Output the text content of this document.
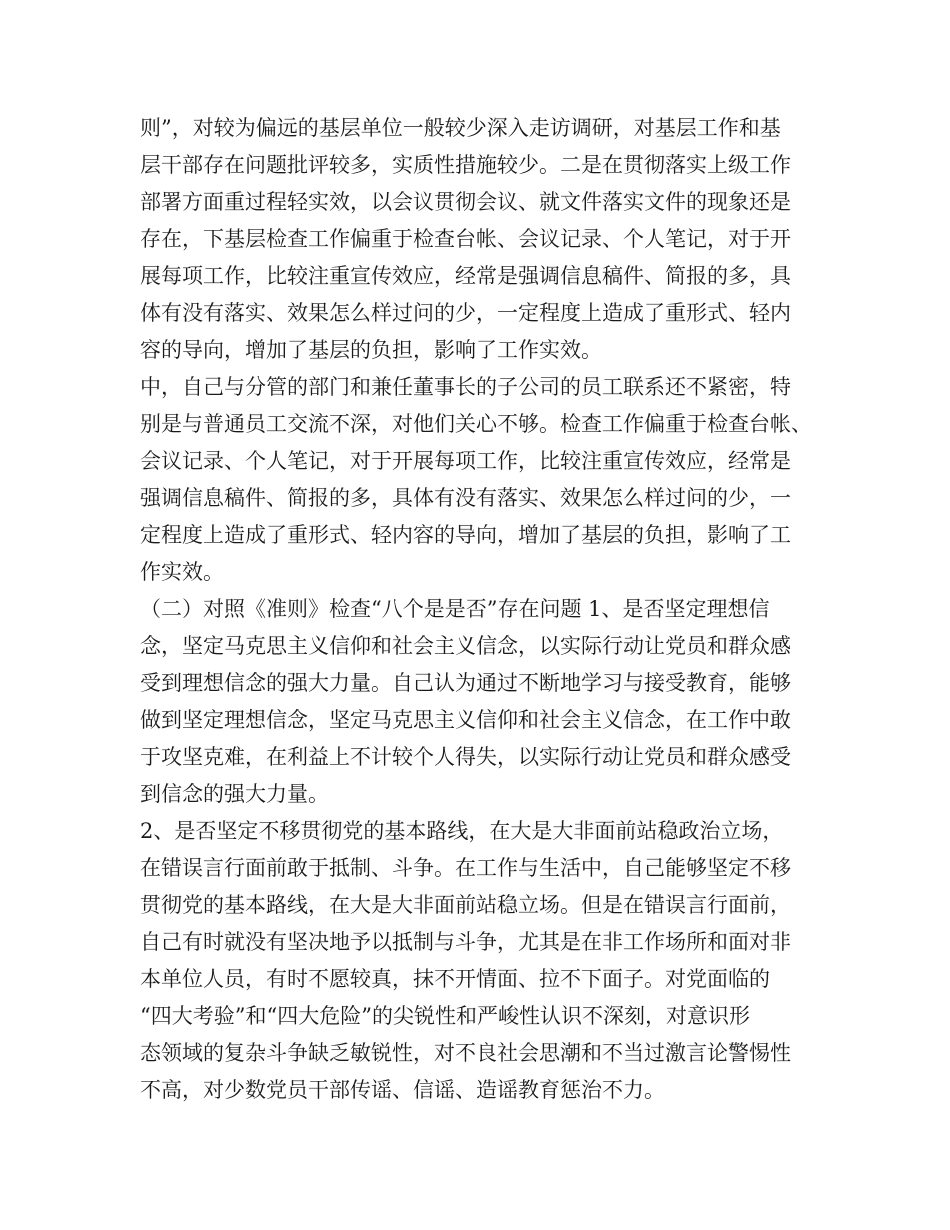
则”，对较为偏远的基层单位一般较少深入走访调研，对基层工作和基
层干部存在问题批评较多，实质性措施较少。二是在贯彻落实上级工作
部署方面重过程轻实效，以会议贯彻会议、就文件落实文件的现象还是
存在，下基层检查工作偏重于检查台帐、会议记录、个人笔记，对于开
展每项工作，比较注重宣传效应，经常是强调信息稿件、简报的多，具
体有没有落实、效果怎么样过问的少，一定程度上造成了重形式、轻内
容的导向，增加了基层的负担，影响了工作实效。
中，自己与分管的部门和兼任董事长的子公司的员工联系还不紧密，特
别是与普通员工交流不深，对他们关心不够。检查工作偏重于检查台帐、
会议记录、个人笔记，对于开展每项工作，比较注重宣传效应，经常是
强调信息稿件、简报的多，具体有没有落实、效果怎么样过问的少，一
定程度上造成了重形式、轻内容的导向，增加了基层的负担，影响了工
作实效。
（二）对照《准则》检查“八个是是否”存在问题 1、是否坚定理想信
念，坚定马克思主义信仰和社会主义信念，以实际行动让党员和群众感
受到理想信念的强大力量。自己认为通过不断地学习与接受教育，能够
做到坚定理想信念，坚定马克思主义信仰和社会主义信念，在工作中敢
于攻坚克难，在利益上不计较个人得失，以实际行动让党员和群众感受
到信念的强大力量。
2、是否坚定不移贯彻党的基本路线，在大是大非面前站稳政治立场，
在错误言行面前敢于抵制、斗争。在工作与生活中，自己能够坚定不移
贯彻党的基本路线，在大是大非面前站稳立场。但是在错误言行面前，
自己有时就没有坚决地予以抵制与斗争，尤其是在非工作场所和面对非
本单位人员，有时不愿较真，抹不开情面、拉不下面子。对党面临的
“四大考验”和“四大危险”的尖锐性和严峻性认识不深刻，对意识形
态领域的复杂斗争缺乏敏锐性，对不良社会思潮和不当过激言论警惕性
不高，对少数党员干部传谣、信谣、造谣教育惩治不力。
